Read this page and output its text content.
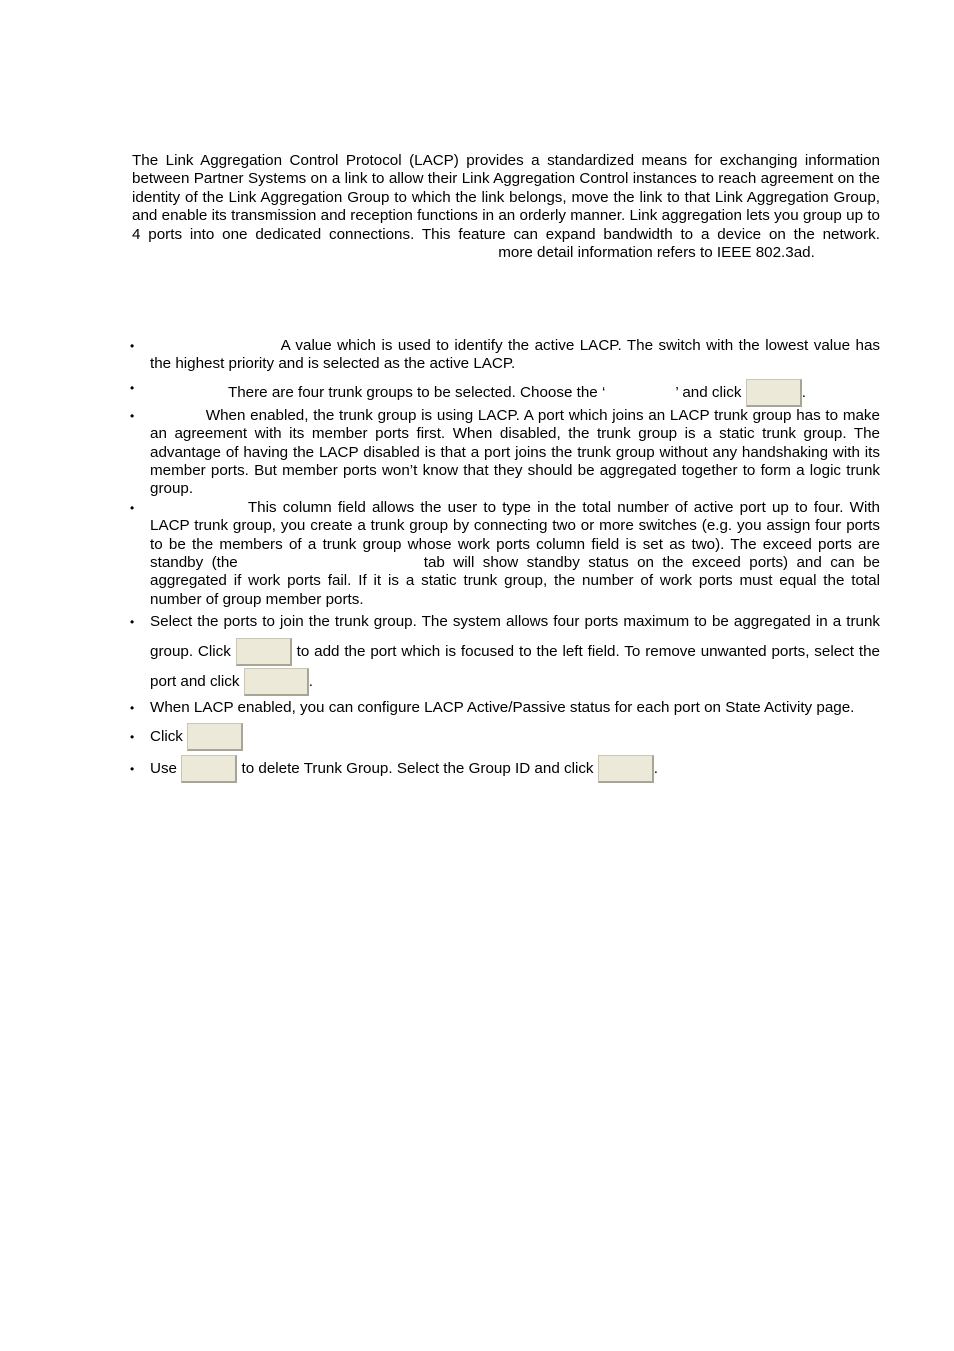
The Link Aggregation Control Protocol (LACP) provides a standardized means for exchanging information between Partner Systems on a link to allow their Link Aggregation Control instances to reach agreement on the identity of the Link Aggregation Group to which the link belongs, move the link to that Link Aggregation Group, and enable its transmission and reception functions in an orderly manner. Link aggregation lets you group up to 4 ports into one dedicated connections. This feature can expand bandwidth to a device on the network. more detail information refers to IEEE 802.3ad.

•	A value which is used to identify the active LACP. The switch with the lowest value has the highest priority and is selected as the active LACP.
•	There are four trunk groups to be selected. Choose the ‘	’ and click	.
•	When enabled, the trunk group is using LACP. A port which joins an LACP trunk group has to make an agreement with its member ports first. When disabled, the trunk group is a static trunk group. The advantage of having the LACP disabled is that a port joins the trunk group without any handshaking with its member ports. But member ports won’t know that they should be aggregated together to form a logic trunk group.
•	This column field allows the user to type in the total number of active port up to four. With LACP trunk group, you create a trunk group by connecting two or more switches (e.g. you assign four ports to be the members of a trunk group whose work ports column field is set as two). The exceed ports are standby (the	tab will show standby status on the exceed ports) and can be aggregated if work ports fail. If it is a static trunk group, the number of work ports must equal the total number of group member ports.
• Select the ports to join the trunk group. The system allows four ports maximum to be aggregated in a trunk group. Click	to add the port which is focused to the left field. To remove unwanted ports, select the port and click	.
• When LACP enabled, you can configure LACP Active/Passive status for each port on State Activity page.
• Click
• Use	to delete Trunk Group. Select the Group ID and click	.
